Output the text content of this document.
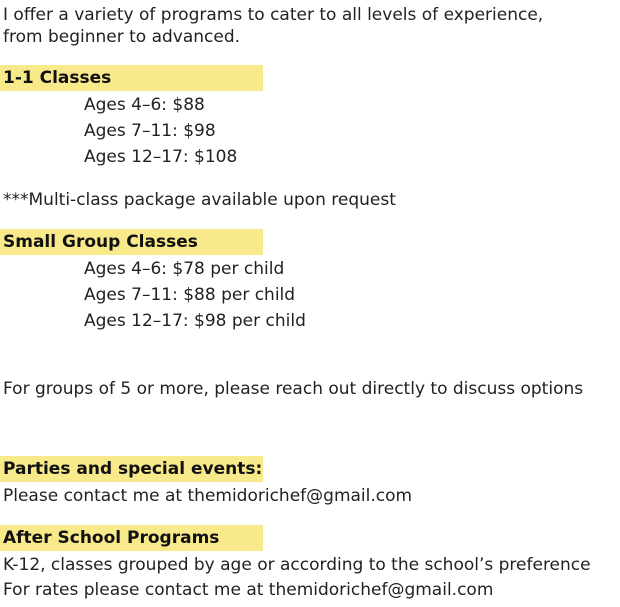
I offer a variety of programs to cater to all levels of experience,
from beginner to advanced.
1-1 Classes
Ages 4–6: $88
Ages 7–11: $98
Ages 12–17: $108
***Multi-class package available upon request
Small Group Classes
Ages 4–6: $78 per child
Ages 7–11: $88 per child
Ages 12–17: $98 per child
For groups of 5 or more, please reach out directly to discuss options
Parties and special events:
Please contact me at themidorichef@gmail.com
After School Programs
K-12, classes grouped by age or according to the school’s preference
For rates please contact me at themidorichef@gmail.com
